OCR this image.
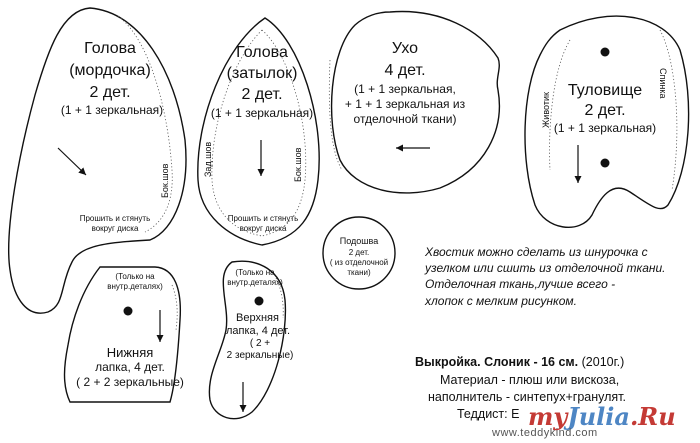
Голова
(мордочка)
2 дет.
(1 + 1 зеркальная)
Бок.шов
Прошить и стянуть
вокруг диска
Голова
(затылок)
2 дет.
(1 + 1 зеркальная)
Зад.шов	Бок.шов
Прошить и стянуть
вокруг диска
Ухо
4 дет.
(1 + 1 зеркальная,
+ 1 + 1 зеркальная из
отделочной ткани)
Туловище
2 дет.
(1 + 1 зеркальная)
Животик
Спинка
Подошва
2 дет.
( из отделочной
ткани)
Хвостик можно сделать из шнурочка с
узелком или сшить из отделочной ткани.
Отделочная ткань,лучше всего -
хлопок с мелким рисунком.
(Только на
внутр.деталях)
Нижняя
лапка, 4 дет.
( 2 + 2 зеркальные)
(Только на
внутр.деталях)
Верхняя
лапка, 4 дет.
( 2 +
2 зеркальные)	Выкройка. Слоник - 16 см. (2010г.)
Материал - плюш или вискоза,
наполнитель - синтепух+гранулят.
Теддист: Е myJulia.Ru
www.teddykind.com
